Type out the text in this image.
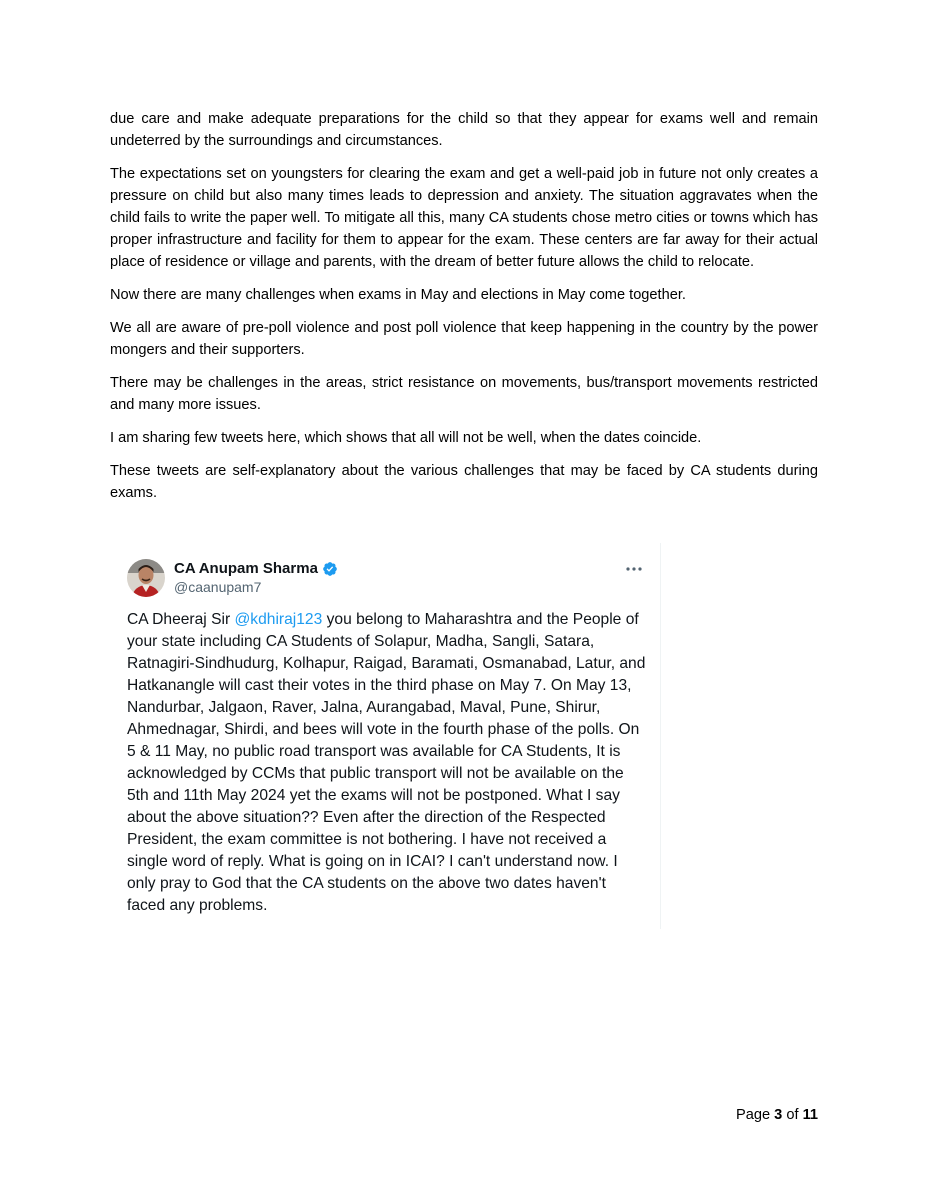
due care and make adequate preparations for the child so that they appear for exams well and remain undeterred by the surroundings and circumstances.

The expectations set on youngsters for clearing the exam and get a well-paid job in future not only creates a pressure on child but also many times leads to depression and anxiety. The situation aggravates when the child fails to write the paper well. To mitigate all this, many CA students chose metro cities or towns which has proper infrastructure and facility for them to appear for the exam. These centers are far away for their actual place of residence or village and parents, with the dream of better future allows the child to relocate.

Now there are many challenges when exams in May and elections in May come together.

We all are aware of pre-poll violence and post poll violence that keep happening in the country by the power mongers and their supporters.

There may be challenges in the areas, strict resistance on movements, bus/transport movements restricted and many more issues.

I am sharing few tweets here, which shows that all will not be well, when the dates coincide.

These tweets are self-explanatory about the various challenges that may be faced by CA students during exams.

CA Anupam Sharma
@caanupam7
CA Dheeraj Sir @kdhiraj123 you belong to Maharashtra and the People of your state including CA Students of Solapur, Madha, Sangli, Satara, Ratnagiri-Sindhudurg, Kolhapur, Raigad, Baramati, Osmanabad, Latur, and Hatkanangle will cast their votes in the third phase on May 7. On May 13, Nandurbar, Jalgaon, Raver, Jalna, Aurangabad, Maval, Pune, Shirur, Ahmednagar, Shirdi, and bees will vote in the fourth phase of the polls. On 5 & 11 May, no public road transport was available for CA Students, It is acknowledged by CCMs that public transport will not be available on the 5th and 11th May 2024 yet the exams will not be postponed. What I say about the above situation?? Even after the direction of the Respected President, the exam committee is not bothering. I have not received a single word of reply. What is going on in ICAI? I can't understand now. I only pray to God that the CA students on the above two dates haven't faced any problems.
Page 3 of 11
